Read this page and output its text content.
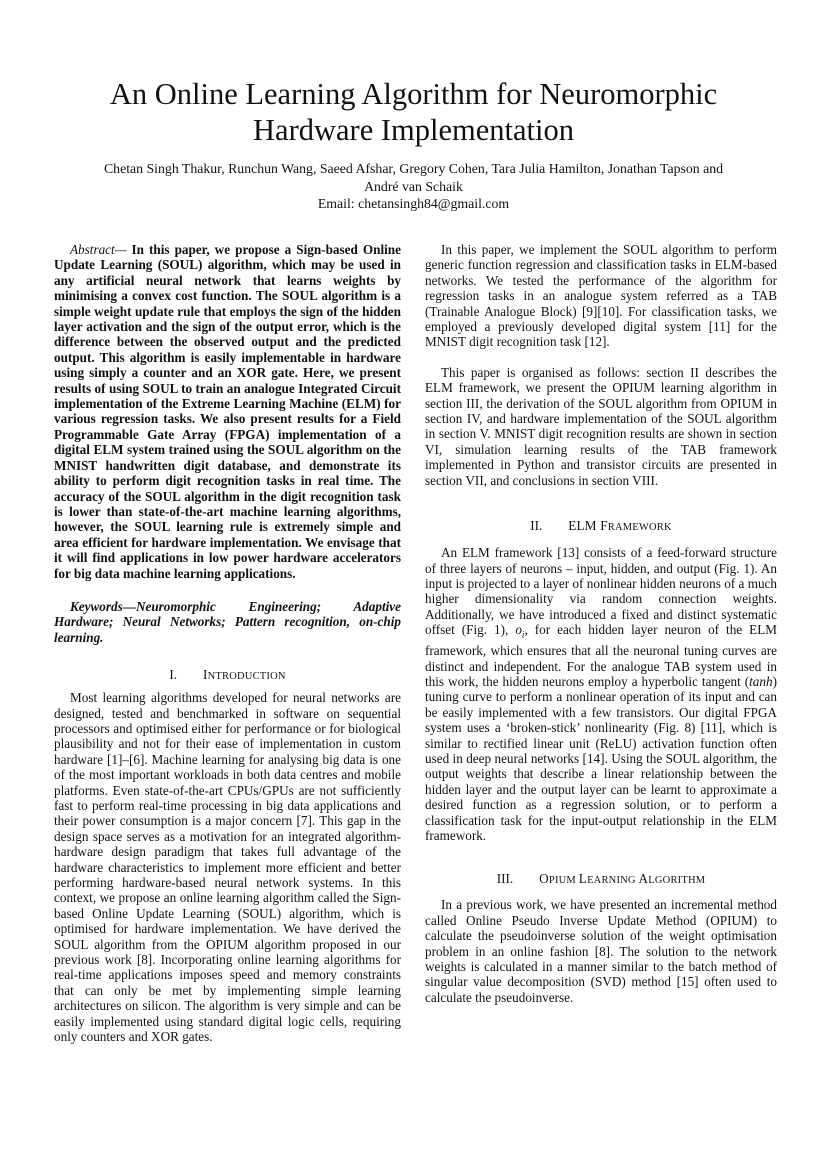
An Online Learning Algorithm for Neuromorphic
Hardware Implementation
Chetan Singh Thakur, Runchun Wang, Saeed Afshar, Gregory Cohen, Tara Julia Hamilton, Jonathan Tapson and
André van Schaik
Email: chetansingh84@gmail.com

Abstract— In this paper, we propose a Sign-based Online Update Learning (SOUL) algorithm, which may be used in any artificial neural network that learns weights by minimising a convex cost function. The SOUL algorithm is a simple weight update rule that employs the sign of the hidden layer activation and the sign of the output error, which is the difference between the observed output and the predicted output. This algorithm is easily implementable in hardware using simply a counter and an XOR gate. Here, we present results of using SOUL to train an analogue Integrated Circuit implementation of the Extreme Learning Machine (ELM) for various regression tasks. We also present results for a Field Programmable Gate Array (FPGA) implementation of a digital ELM system trained using the SOUL algorithm on the MNIST handwritten digit database, and demonstrate its ability to perform digit recognition tasks in real time. The accuracy of the SOUL algorithm in the digit recognition task is lower than state-of-the-art machine learning algorithms, however, the SOUL learning rule is extremely simple and area efficient for hardware implementation. We envisage that it will find applications in low power hardware accelerators for big data machine learning applications.

Keywords—Neuromorphic Engineering; Adaptive Hardware; Neural Networks; Pattern recognition, on-chip learning.

I. INTRODUCTION

Most learning algorithms developed for neural networks are designed, tested and benchmarked in software on sequential processors and optimised either for performance or for biological plausibility and not for their ease of implementation in custom hardware [1]–[6]. Machine learning for analysing big data is one of the most important workloads in both data centres and mobile platforms. Even state-of-the-art CPUs/GPUs are not sufficiently fast to perform real-time processing in big data applications and their power consumption is a major concern [7]. This gap in the design space serves as a motivation for an integrated algorithm-hardware design paradigm that takes full advantage of the hardware characteristics to implement more efficient and better performing hardware-based neural network systems. In this context, we propose an online learning algorithm called the Sign-based Online Update Learning (SOUL) algorithm, which is optimised for hardware implementation. We have derived the SOUL algorithm from the OPIUM algorithm proposed in our previous work [8]. Incorporating online learning algorithms for real-time applications imposes speed and memory constraints that can only be met by implementing simple learning architectures on silicon. The algorithm is very simple and can be easily implemented using standard digital logic cells, requiring only counters and XOR gates.

In this paper, we implement the SOUL algorithm to perform generic function regression and classification tasks in ELM-based networks. We tested the performance of the algorithm for regression tasks in an analogue system referred as a TAB (Trainable Analogue Block) [9][10]. For classification tasks, we employed a previously developed digital system [11] for the MNIST digit recognition task [12].

This paper is organised as follows: section II describes the ELM framework, we present the OPIUM learning algorithm in section III, the derivation of the SOUL algorithm from OPIUM in section IV, and hardware implementation of the SOUL algorithm in section V. MNIST digit recognition results are shown in section VI, simulation learning results of the TAB framework implemented in Python and transistor circuits are presented in section VII, and conclusions in section VIII.

II. ELM FRAMEWORK

An ELM framework [13] consists of a feed-forward structure of three layers of neurons – input, hidden, and output (Fig. 1). An input is projected to a layer of nonlinear hidden neurons of a much higher dimensionality via random connection weights. Additionally, we have introduced a fixed and distinct systematic offset (Fig. 1), $o_i$, for each hidden layer neuron of the ELM framework, which ensures that all the neuronal tuning curves are distinct and independent. For the analogue TAB system used in this work, the hidden neurons employ a hyperbolic tangent (tanh) tuning curve to perform a nonlinear operation of its input and can be easily implemented with a few transistors. Our digital FPGA system uses a ‘broken-stick’ nonlinearity (Fig. 8) [11], which is similar to rectified linear unit (ReLU) activation function often used in deep neural networks [14]. Using the SOUL algorithm, the output weights that describe a linear relationship between the hidden layer and the output layer can be learnt to approximate a desired function as a regression solution, or to perform a classification task for the input-output relationship in the ELM framework.

III. OPIUM LEARNING ALGORITHM

In a previous work, we have presented an incremental method called Online Pseudo Inverse Update Method (OPIUM) to calculate the pseudoinverse solution of the weight optimisation problem in an online fashion [8]. The solution to the network weights is calculated in a manner similar to the batch method of singular value decomposition (SVD) method [15] often used to calculate the pseudoinverse.
